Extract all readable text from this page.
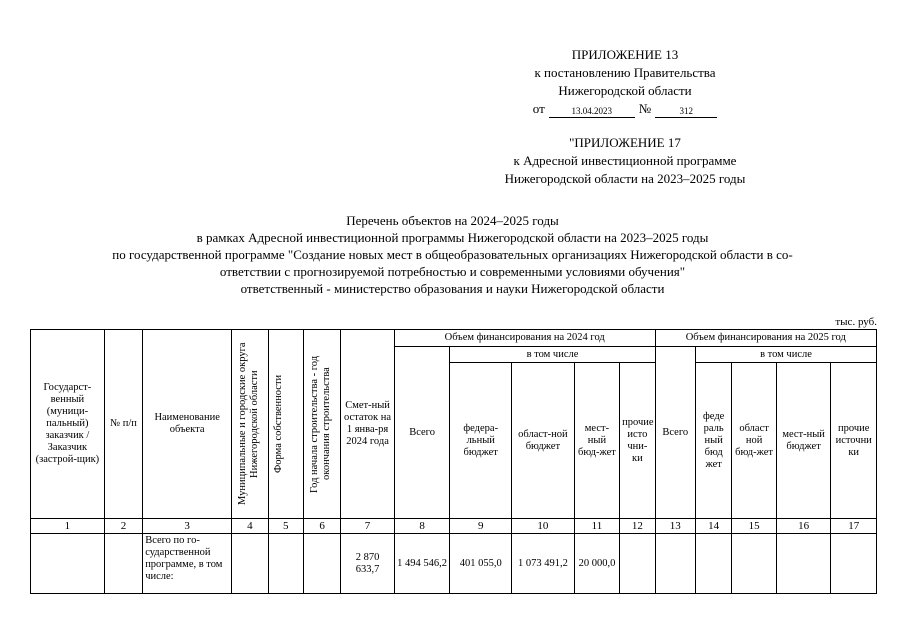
ПРИЛОЖЕНИЕ 13
к постановлению Правительства
Нижегородской области
от	13.04.2023	№	312
"ПРИЛОЖЕНИЕ 17
к Адресной инвестиционной программе
Нижегородской области на 2023–2025 годы
Перечень объектов на 2024–2025 годы
в рамках Адресной инвестиционной программы Нижегородской области на 2023–2025 годы
по государственной программе "Создание новых мест в общеобразовательных организациях Нижегородской области в со-
ответствии с прогнозируемой потребностью и современными условиями обучения"
ответственный - министерство образования и науки Нижегородской области
тыс. руб.
Государст-венный (муници-пальный) заказчик / Заказчик (застрой-щик)	№ п/п	Наименование объекта	Муниципальные и городские округа Нижегородской области	Форма собственности	Год начала строительства - год окончания строительства	Смет-ный остаток на 1 янва-ря 2024 года	Объем финансирования на 2024 год					Объем финансирования на 2025 год				
							Всего	в том числе				Всего	в том числе			
								федера-льный бюджет	област-ной бюджет	мест-ный бюд-жет	прочие исто чни-ки		феде раль ный бюд жет	област ной бюд-жет	мест-ный бюджет	прочие источни ки
1	2	3	4	5	6	7	8	9	10	11	12	13	14	15	16	17
		Всего по го-сударственной программе, в том числе:				2 870 633,7	1 494 546,2	401 055,0	1 073 491,2	20 000,0						
